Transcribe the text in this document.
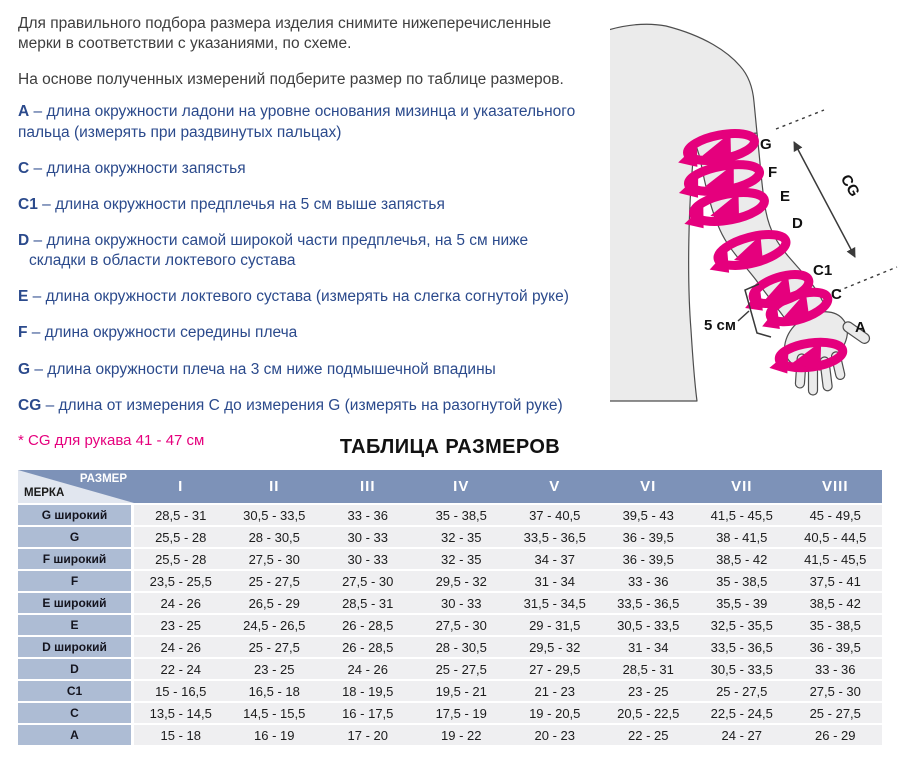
Для правильного подбора размера изделия снимите нижеперечисленные
мерки в соответствии с указаниями, по схеме.

На основе полученных измерений подберите размер по таблице размеров.

A – длина окружности ладони на уровне основания мизинца и указательного
пальца (измерять при раздвинутых пальцах)
C – длина окружности запястья
C1 – длина окружности предплечья на 5 см выше запястья
D – длина окружности самой широкой части предплечья, на 5 см ниже
складки в области локтевого сустава
E – длина окружности локтевого сустава (измерять на слегка согнутой руке)
F – длина окружности середины плеча
G – длина окружности плеча на 3 см ниже подмышечной впадины
CG – длина от измерения C до измерения G (измерять на разогнутой руке)
* CG для рукава 41 - 47 см
CG
5 см
G
F
E
D
C1
C
A
ТАБЛИЦА РАЗМЕРОВ
РАЗМЕР
МЕРКА	I	II	III	IV	V	VI	VII	VIII
G широкий	28,5 - 31	30,5 - 33,5	33 - 36	35 - 38,5	37 - 40,5	39,5 - 43	41,5 - 45,5	45 - 49,5
G	25,5 - 28	28 - 30,5	30 - 33	32 - 35	33,5 - 36,5	36 - 39,5	38 - 41,5	40,5 - 44,5
F широкий	25,5 - 28	27,5 - 30	30 - 33	32 - 35	34 - 37	36 - 39,5	38,5 - 42	41,5 - 45,5
F	23,5 - 25,5	25 - 27,5	27,5 - 30	29,5 - 32	31 - 34	33 - 36	35 - 38,5	37,5 - 41
E широкий	24 - 26	26,5 - 29	28,5 - 31	30 - 33	31,5 - 34,5	33,5 - 36,5	35,5 - 39	38,5 - 42
E	23 - 25	24,5 - 26,5	26 - 28,5	27,5 - 30	29 - 31,5	30,5 - 33,5	32,5 - 35,5	35 - 38,5
D широкий	24 - 26	25 - 27,5	26 - 28,5	28 - 30,5	29,5 - 32	31 - 34	33,5 - 36,5	36 - 39,5
D	22 - 24	23 - 25	24 - 26	25 - 27,5	27 - 29,5	28,5 - 31	30,5 - 33,5	33 - 36
C1	15 - 16,5	16,5 - 18	18 - 19,5	19,5 - 21	21 - 23	23 - 25	25 - 27,5	27,5 - 30
C	13,5 - 14,5	14,5 - 15,5	16 - 17,5	17,5 - 19	19 - 20,5	20,5 - 22,5	22,5 - 24,5	25 - 27,5
A	15 - 18	16 - 19	17 - 20	19 - 22	20 - 23	22 - 25	24 - 27	26 - 29
